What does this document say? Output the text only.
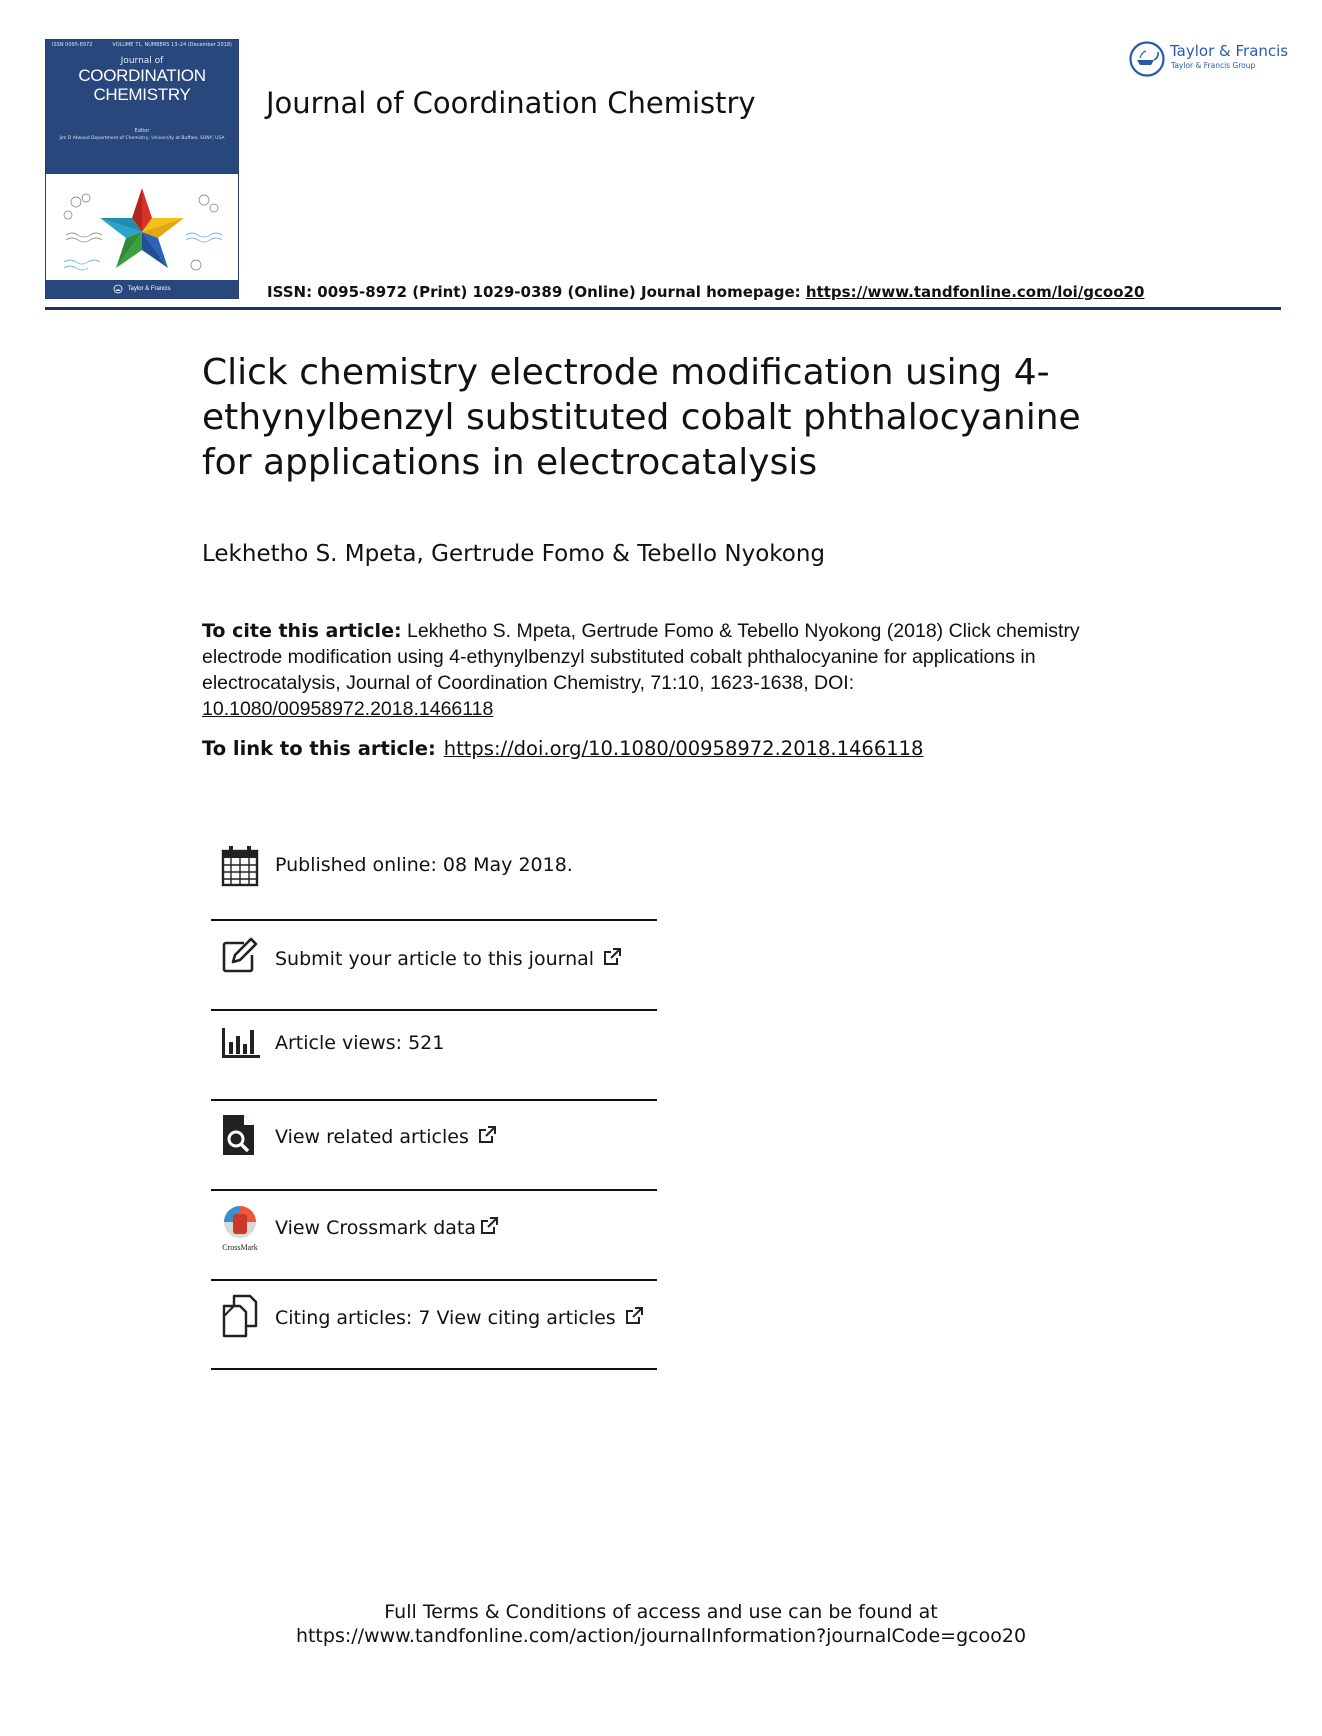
ISSN 0095-8972	VOLUME 71, NUMBERS 13–24 (December 2018)
Journal of
COORDINATION
CHEMISTRY
Editor
Jim D Atwood Department of Chemistry, University at Buffalo, SUNY, USA
Taylor & Francis
Journal of Coordination Chemistry
Taylor & Francis
Taylor & Francis Group
ISSN: 0095-8972 (Print) 1029-0389 (Online) Journal homepage: https://www.tandfonline.com/loi/gcoo20
Click chemistry electrode modification using 4-
ethynylbenzyl substituted cobalt phthalocyanine
for applications in electrocatalysis
Lekhetho S. Mpeta, Gertrude Fomo & Tebello Nyokong
To cite this article: Lekhetho S. Mpeta, Gertrude Fomo & Tebello Nyokong (2018) Click chemistry electrode modification using 4-ethynylbenzyl substituted cobalt phthalocyanine for applications in electrocatalysis, Journal of Coordination Chemistry, 71:10, 1623-1638, DOI:
10.1080/00958972.2018.1466118
To link to this article: https://doi.org/10.1080/00958972.2018.1466118
Published online: 08 May 2018.
Submit your article to this journal
Article views: 521
View related articles
CrossMark
View Crossmark data
Citing articles: 7 View citing articles
Full Terms & Conditions of access and use can be found at
https://www.tandfonline.com/action/journalInformation?journalCode=gcoo20
